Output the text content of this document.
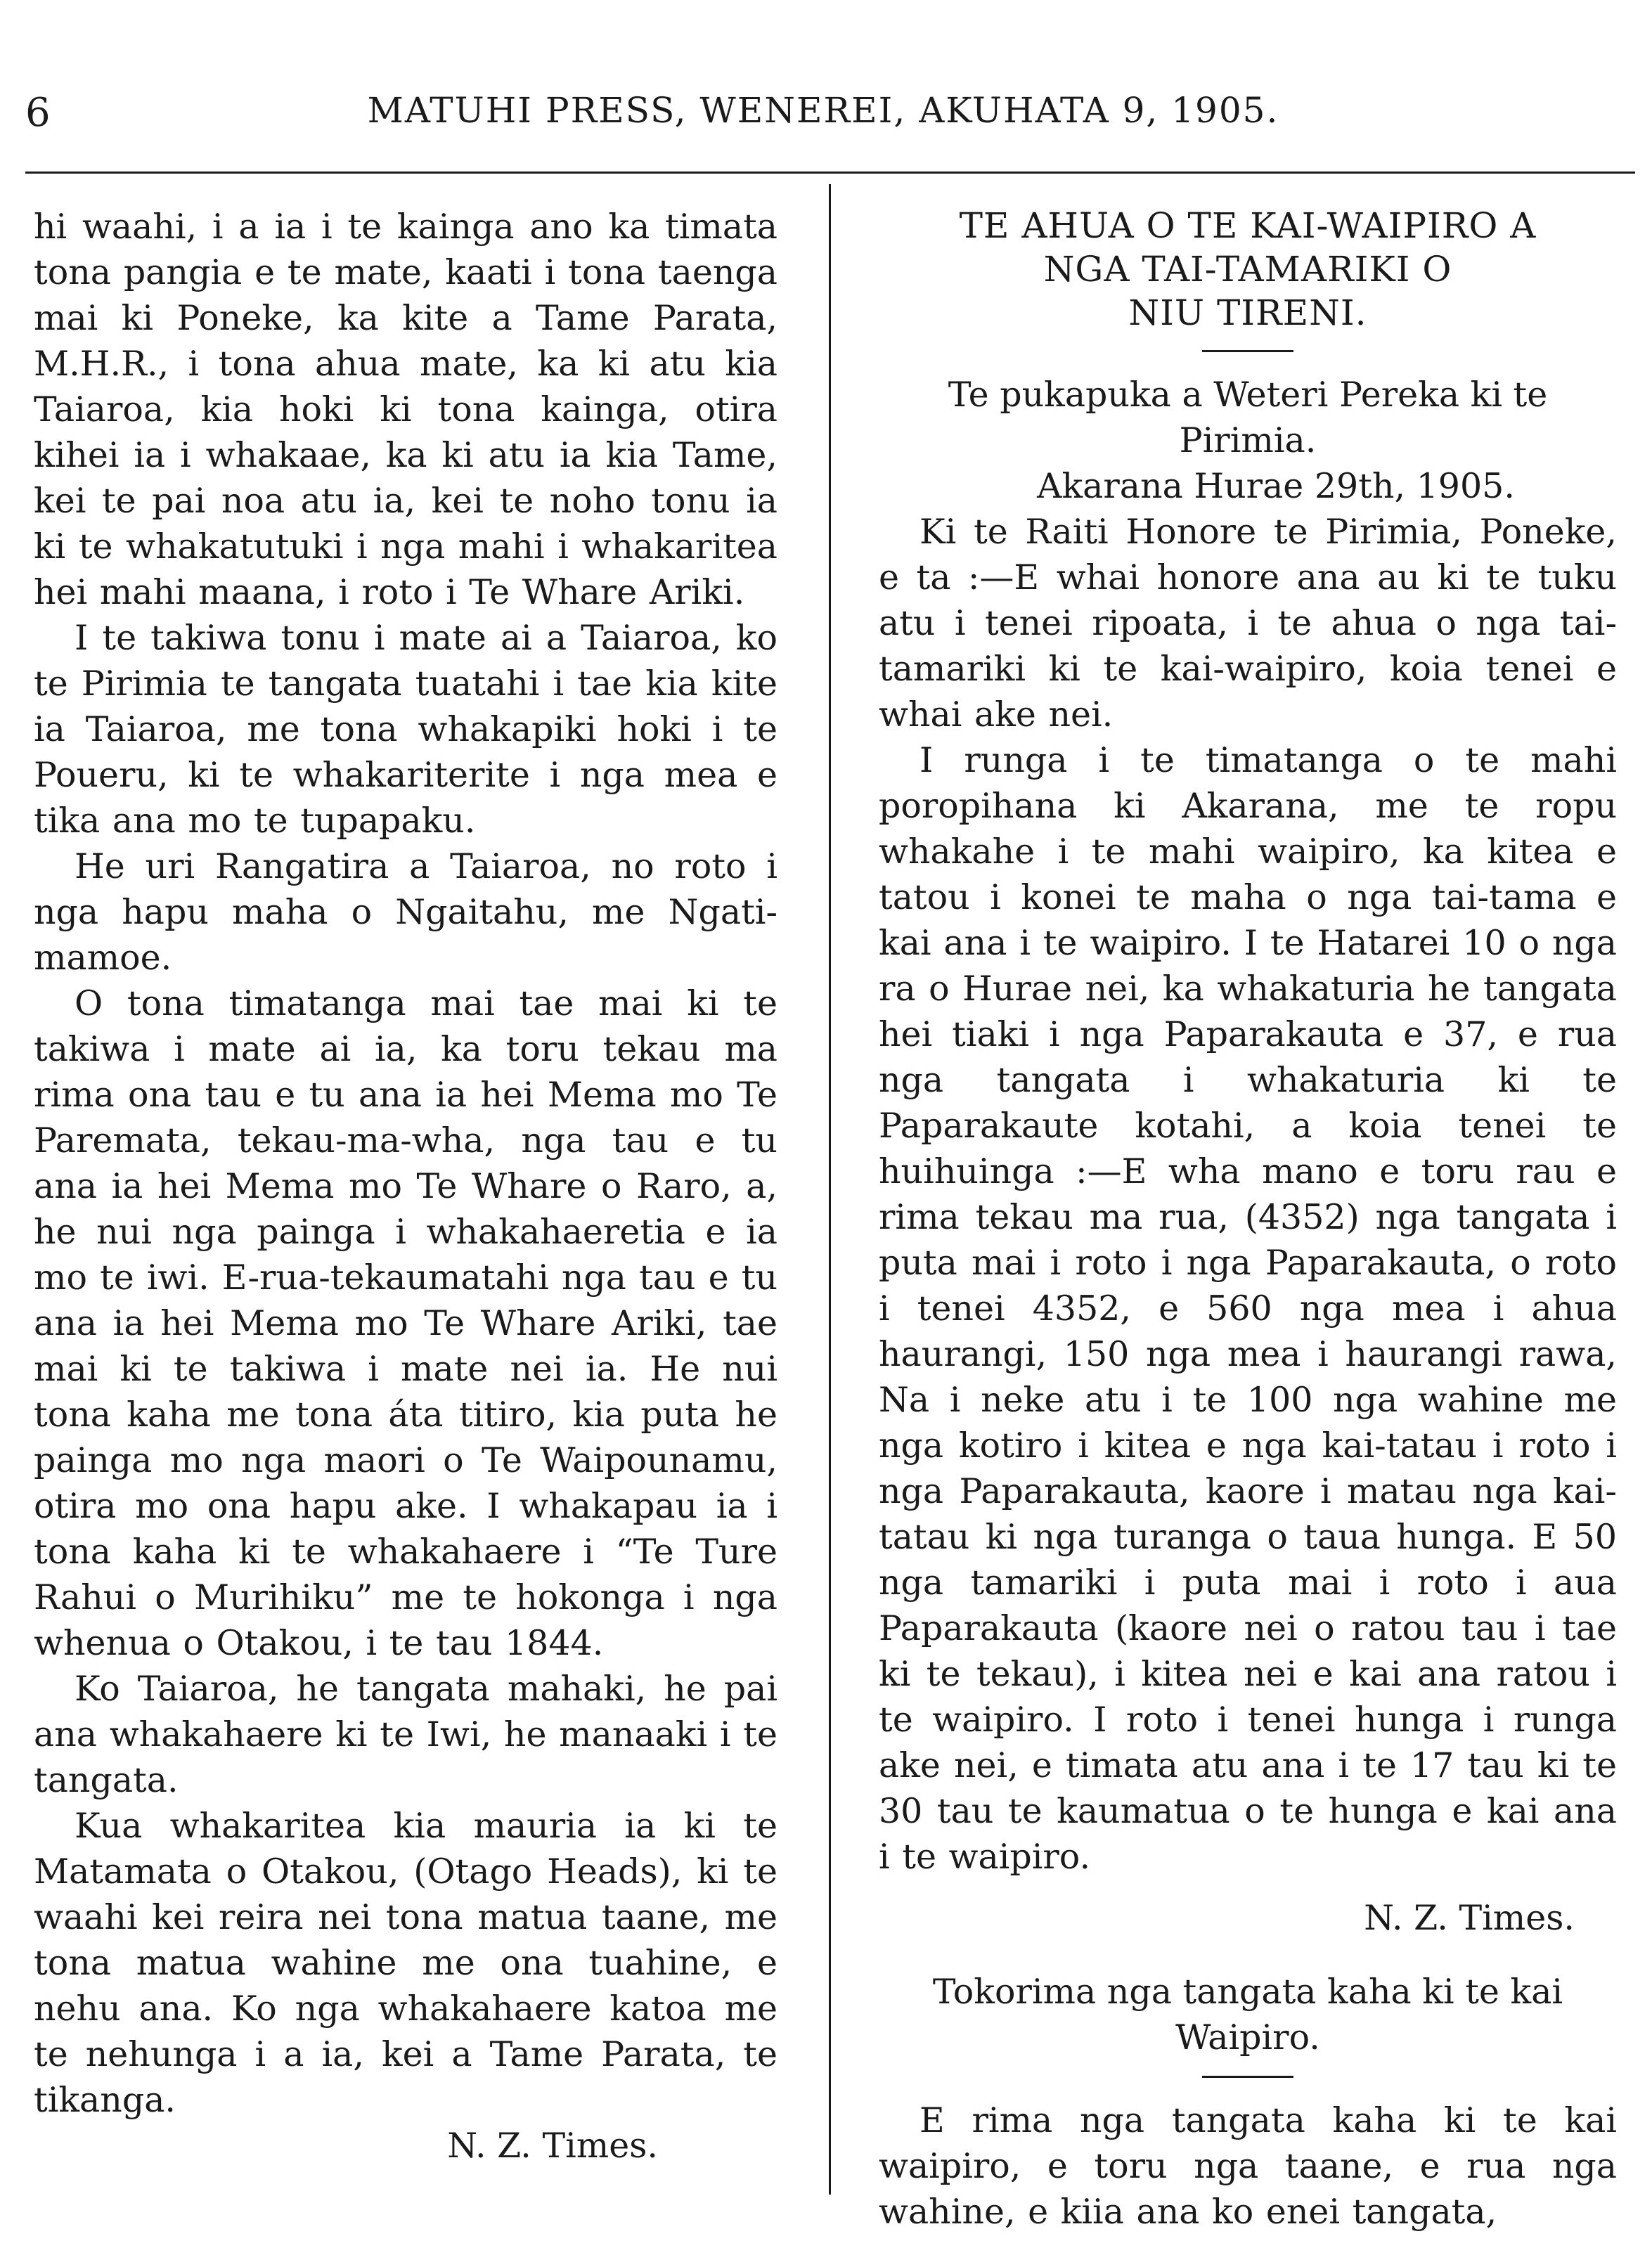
6	MATUHI PRESS, WENEREI, AKUHATA 9, 1905.

hi waahi, i a ia i te kainga ano ka timata tona pangia e te mate, kaati i tona taenga mai ki Poneke, ka kite a Tame Parata, M.H.R., i tona ahua mate, ka ki atu kia Taiaroa, kia hoki ki tona kainga, otira kihei ia i whakaae, ka ki atu ia kia Tame, kei te pai noa atu ia, kei te noho tonu ia ki te whakatutuki i nga mahi i whakaritea hei mahi maana, i roto i Te Whare Ariki.

I te takiwa tonu i mate ai a Taiaroa, ko te Pirimia te tangata tuatahi i tae kia kite ia Taiaroa, me tona whakapiki hoki i te Poueru, ki te whakariterite i nga mea e tika ana mo te tupapaku.

He uri Rangatira a Taiaroa, no roto i nga hapu maha o Ngaitahu, me Ngati-mamoe.

O tona timatanga mai tae mai ki te takiwa i mate ai ia, ka toru tekau ma rima ona tau e tu ana ia hei Mema mo Te Paremata, tekau-ma-wha, nga tau e tu ana ia hei Mema mo Te Whare o Raro, a, he nui nga painga i whakahaeretia e ia mo te iwi. E-rua-tekaumatahi nga tau e tu ana ia hei Mema mo Te Whare Ariki, tae mai ki te takiwa i mate nei ia. He nui tona kaha me tona áta titiro, kia puta he painga mo nga maori o Te Waipounamu, otira mo ona hapu ake. I whakapau ia i tona kaha ki te whakahaere i “Te Ture Rahui o Murihiku” me te hokonga i nga whenua o Otakou, i te tau 1844.

Ko Taiaroa, he tangata mahaki, he pai ana whakahaere ki te Iwi, he manaaki i te tangata.

Kua whakaritea kia mauria ia ki te Matamata o Otakou, (Otago Heads), ki te waahi kei reira nei tona matua taane, me tona matua wahine me ona tuahine, e nehu ana. Ko nga whakahaere katoa me te nehunga i a ia, kei a Tame Parata, te tikanga.

N. Z. Times.

TE AHUA O TE KAI-WAIPIRO A

NGA TAI-TAMARIKI O

NIU TIRENI.

Te pukapuka a Weteri Pereka ki te

Pirimia.

Akarana Hurae 29th, 1905.

Ki te Raiti Honore te Pirimia, Poneke, e ta :—E whai honore ana au ki te tuku atu i tenei ripoata, i te ahua o nga tai-tamariki ki te kai-waipiro, koia tenei e whai ake nei.

I runga i te timatanga o te mahi poropihana ki Akarana, me te ropu whakahe i te mahi waipiro, ka kitea e tatou i konei te maha o nga tai-tama e kai ana i te waipiro. I te Hatarei 10 o nga ra o Hurae nei, ka whakaturia he tangata hei tiaki i nga Paparakauta e 37, e rua nga tangata i whakaturia ki te Paparakaute kotahi, a koia tenei te huihuinga :—E wha mano e toru rau e rima tekau ma rua, (4352) nga tangata i puta mai i roto i nga Paparakauta, o roto i tenei 4352, e 560 nga mea i ahua haurangi, 150 nga mea i haurangi rawa, Na i neke atu i te 100 nga wahine me nga kotiro i kitea e nga kai-tatau i roto i nga Paparakauta, kaore i matau nga kai-tatau ki nga turanga o taua hunga. E 50 nga tamariki i puta mai i roto i aua Paparakauta (kaore nei o ratou tau i tae ki te tekau), i kitea nei e kai ana ratou i te waipiro. I roto i tenei hunga i runga ake nei, e timata atu ana i te 17 tau ki te 30 tau te kaumatua o te hunga e kai ana i te waipiro.

N. Z. Times.

Tokorima nga tangata kaha ki te kai

Waipiro.

E rima nga tangata kaha ki te kai waipiro, e toru nga taane, e rua nga wahine, e kiia ana ko enei tangata,
